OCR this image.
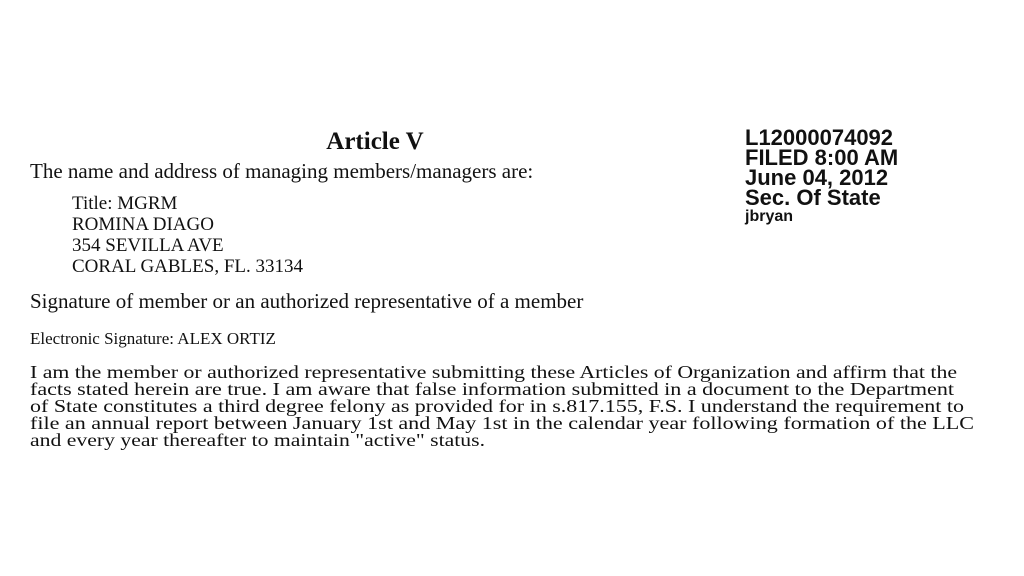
Article V
The name and address of managing members/managers are:
Title: MGRM
ROMINA DIAGO
354 SEVILLA AVE
CORAL GABLES, FL. 33134
Signature of member or an authorized representative of a member
Electronic Signature: ALEX ORTIZ
I am the member or authorized representative submitting these Articles of Organization and affirm that the
facts stated herein are true. I am aware that false information submitted in a document to the Department
of State constitutes a third degree felony as provided for in s.817.155, F.S. I understand the requirement to
file an annual report between January 1st and May 1st in the calendar year following formation of the LLC
and every year thereafter to maintain "active" status.
L12000074092
FILED 8:00 AM
June 04, 2012
Sec. Of State
jbryan
